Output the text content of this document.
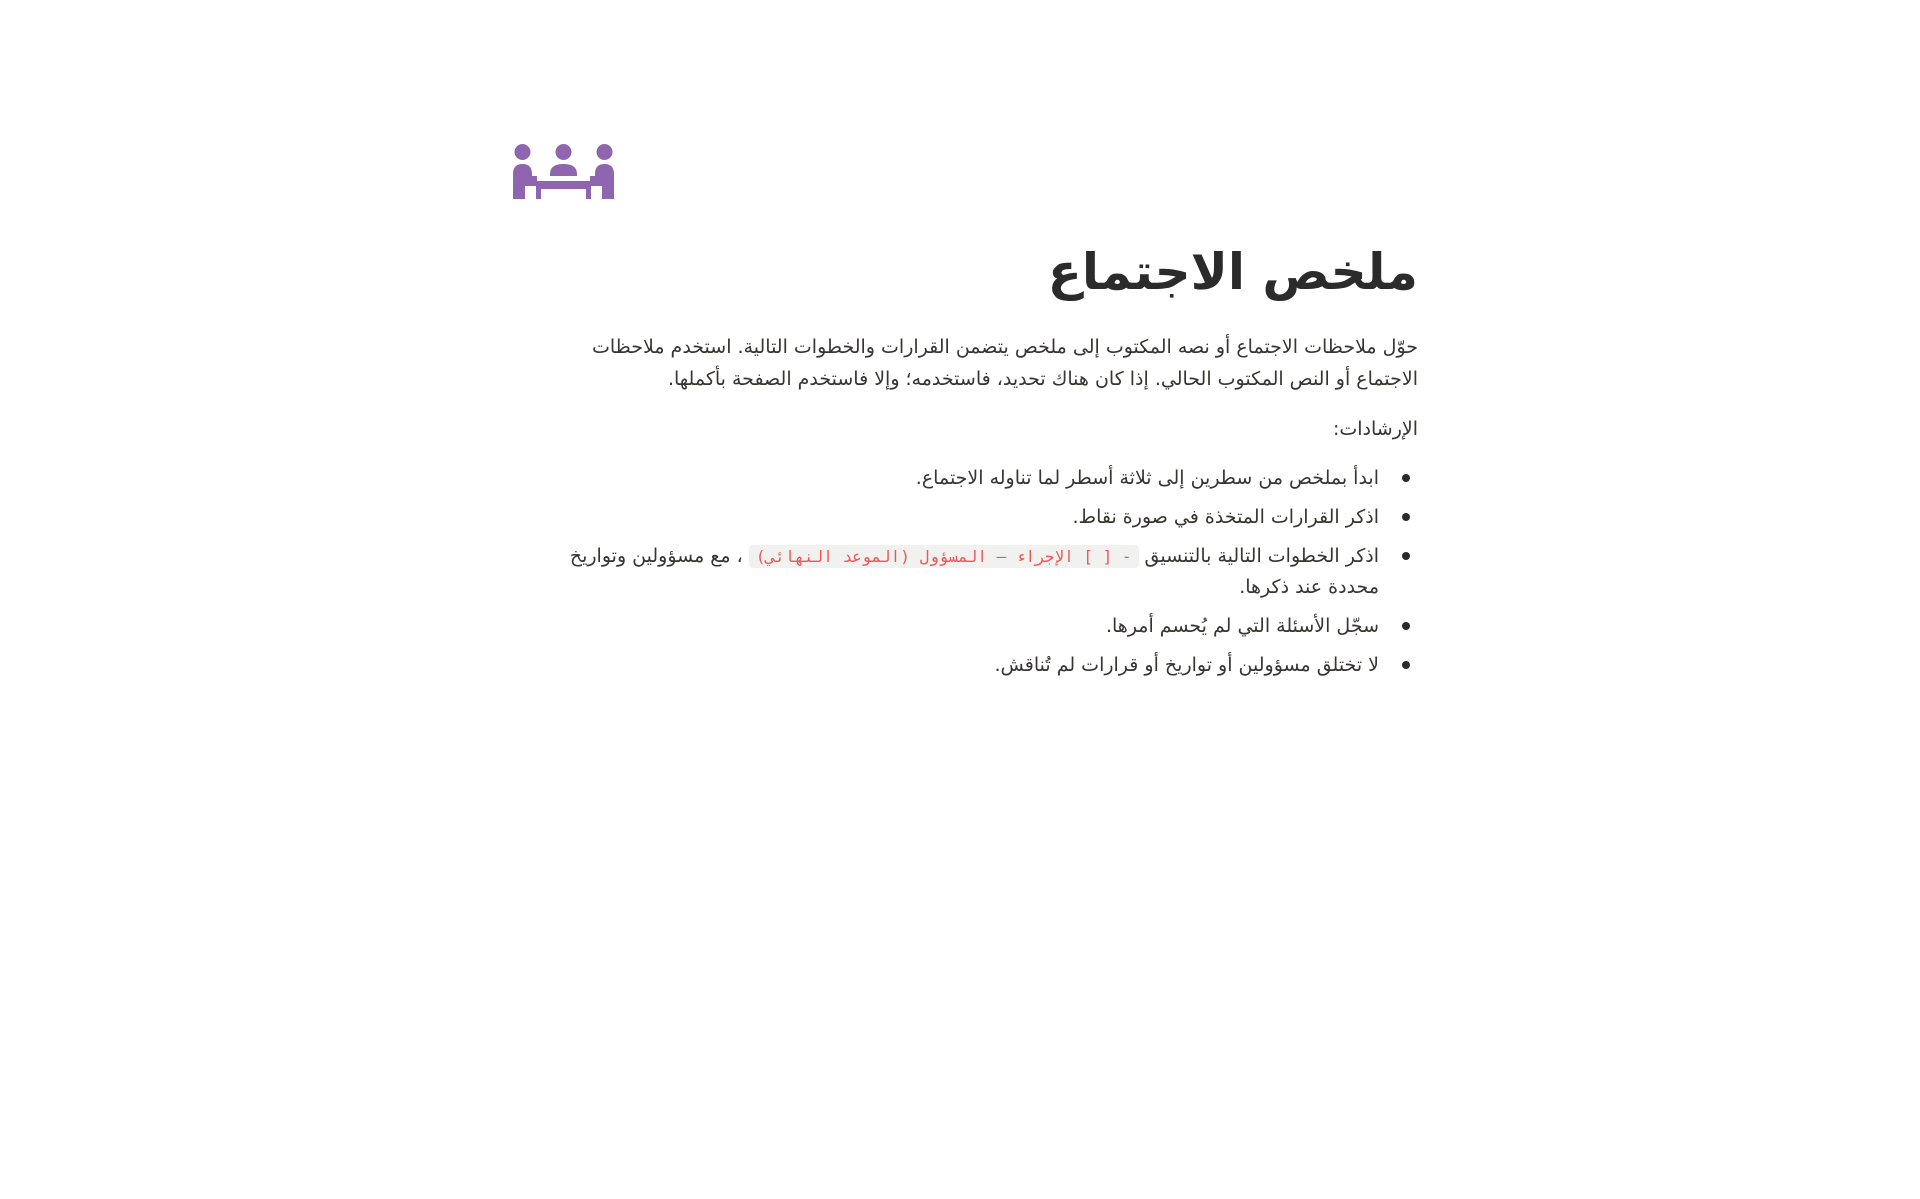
ملخص الاجتماع

حوّل ملاحظات الاجتماع أو نصه المكتوب إلى ملخص يتضمن القرارات والخطوات التالية. استخدم ملاحظات الاجتماع أو النص المكتوب الحالي. إذا كان هناك تحديد، فاستخدمه؛ وإلا فاستخدم الصفحة بأكملها.

الإرشادات:

ابدأ بملخص من سطرين إلى ثلاثة أسطر لما تناوله الاجتماع.
اذكر القرارات المتخذة في صورة نقاط.
اذكر الخطوات التالية بالتنسيق - [ ] الإجراء — المسؤول (الموعد النهائي) ، مع مسؤولين وتواريخ محددة عند ذكرها.
سجّل الأسئلة التي لم يُحسم أمرها.
لا تختلق مسؤولين أو تواريخ أو قرارات لم تُناقش.
